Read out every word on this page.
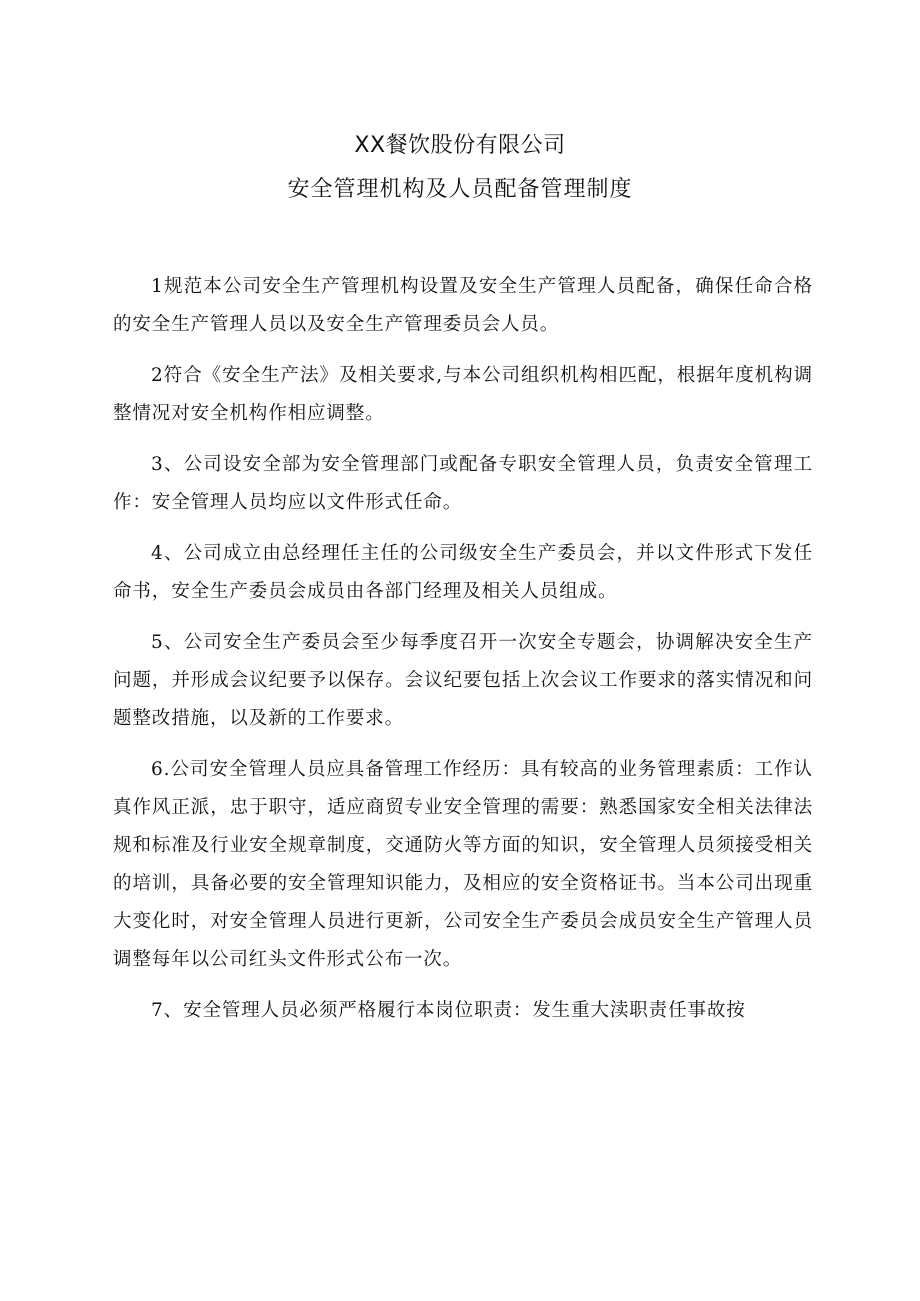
XX餐饮股份有限公司

安全管理机构及人员配备管理制度

1规范本公司安全生产管理机构设置及安全生产管理人员配备，确保任命合格的安全生产管理人员以及安全生产管理委员会人员。

2符合《安全生产法》及相关要求,与本公司组织机构相匹配，根据年度机构调整情况对安全机构作相应调整。

3、公司设安全部为安全管理部门或配备专职安全管理人员，负责安全管理工作：安全管理人员均应以文件形式任命。

4、公司成立由总经理任主任的公司级安全生产委员会，并以文件形式下发任命书，安全生产委员会成员由各部门经理及相关人员组成。

5、公司安全生产委员会至少每季度召开一次安全专题会，协调解决安全生产问题，并形成会议纪要予以保存。会议纪要包括上次会议工作要求的落实情况和问题整改措施，以及新的工作要求。

6.公司安全管理人员应具备管理工作经历：具有较高的业务管理素质：工作认真作风正派，忠于职守，适应商贸专业安全管理的需要：熟悉国家安全相关法律法规和标准及行业安全规章制度，交通防火等方面的知识，安全管理人员须接受相关的培训，具备必要的安全管理知识能力，及相应的安全资格证书。当本公司出现重大变化时，对安全管理人员进行更新，公司安全生产委员会成员安全生产管理人员调整每年以公司红头文件形式公布一次。

7、安全管理人员必须严格履行本岗位职责：发生重大渎职责任事故按
